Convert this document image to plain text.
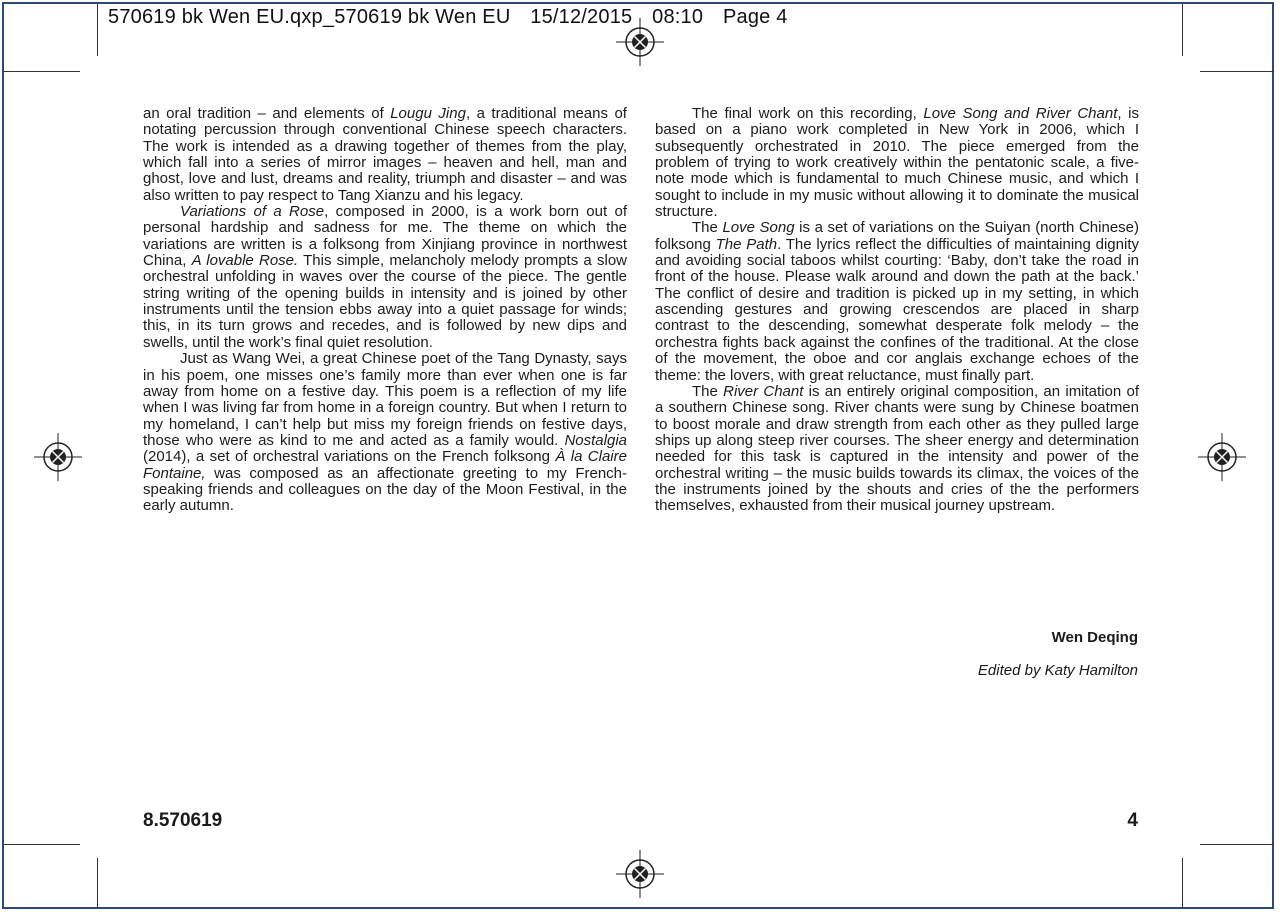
570619 bk Wen EU.qxp_570619 bk Wen EU 15/12/2015 08:10 Page 4

an oral tradition – and elements of Lougu Jing, a traditional means of notating percussion through conventional Chinese speech characters. The work is intended as a drawing together of themes from the play, which fall into a series of mirror images – heaven and hell, man and ghost, love and lust, dreams and reality, triumph and disaster – and was also written to pay respect to Tang Xianzu and his legacy.

Variations of a Rose, composed in 2000, is a work born out of personal hardship and sadness for me. The theme on which the variations are written is a folksong from Xinjiang province in northwest China, A lovable Rose. This simple, melancholy melody prompts a slow orchestral unfolding in waves over the course of the piece. The gentle string writing of the opening builds in intensity and is joined by other instruments until the tension ebbs away into a quiet passage for winds; this, in its turn grows and recedes, and is followed by new dips and swells, until the work’s final quiet resolution.

Just as Wang Wei, a great Chinese poet of the Tang Dynasty, says in his poem, one misses one’s family more than ever when one is far away from home on a festive day. This poem is a reflection of my life when I was living far from home in a foreign country. But when I return to my homeland, I can’t help but miss my foreign friends on festive days, those who were as kind to me and acted as a family would. Nostalgia (2014), a set of orchestral variations on the French folksong À la Claire Fontaine, was composed as an affectionate greeting to my French-speaking friends and colleagues on the day of the Moon Festival, in the early autumn.

The final work on this recording, Love Song and River Chant, is based on a piano work completed in New York in 2006, which I subsequently orchestrated in 2010. The piece emerged from the problem of trying to work creatively within the pentatonic scale, a five-note mode which is fundamental to much Chinese music, and which I sought to include in my music without allowing it to dominate the musical structure.

The Love Song is a set of variations on the Suiyan (north Chinese) folksong The Path. The lyrics reflect the difficulties of maintaining dignity and avoiding social taboos whilst courting: ‘Baby, don’t take the road in front of the house. Please walk around and down the path at the back.’ The conflict of desire and tradition is picked up in my setting, in which ascending gestures and growing crescendos are placed in sharp contrast to the descending, somewhat desperate folk melody – the orchestra fights back against the confines of the traditional. At the close of the movement, the oboe and cor anglais exchange echoes of the theme: the lovers, with great reluctance, must finally part.

The River Chant is an entirely original composition, an imitation of a southern Chinese song. River chants were sung by Chinese boatmen to boost morale and draw strength from each other as they pulled large ships up along steep river courses. The sheer energy and determination needed for this task is captured in the intensity and power of the orchestral writing – the music builds towards its climax, the voices of the the instruments joined by the shouts and cries of the the performers themselves, exhausted from their musical journey upstream.

Wen Deqing
Edited by Katy Hamilton
8.570619	4
